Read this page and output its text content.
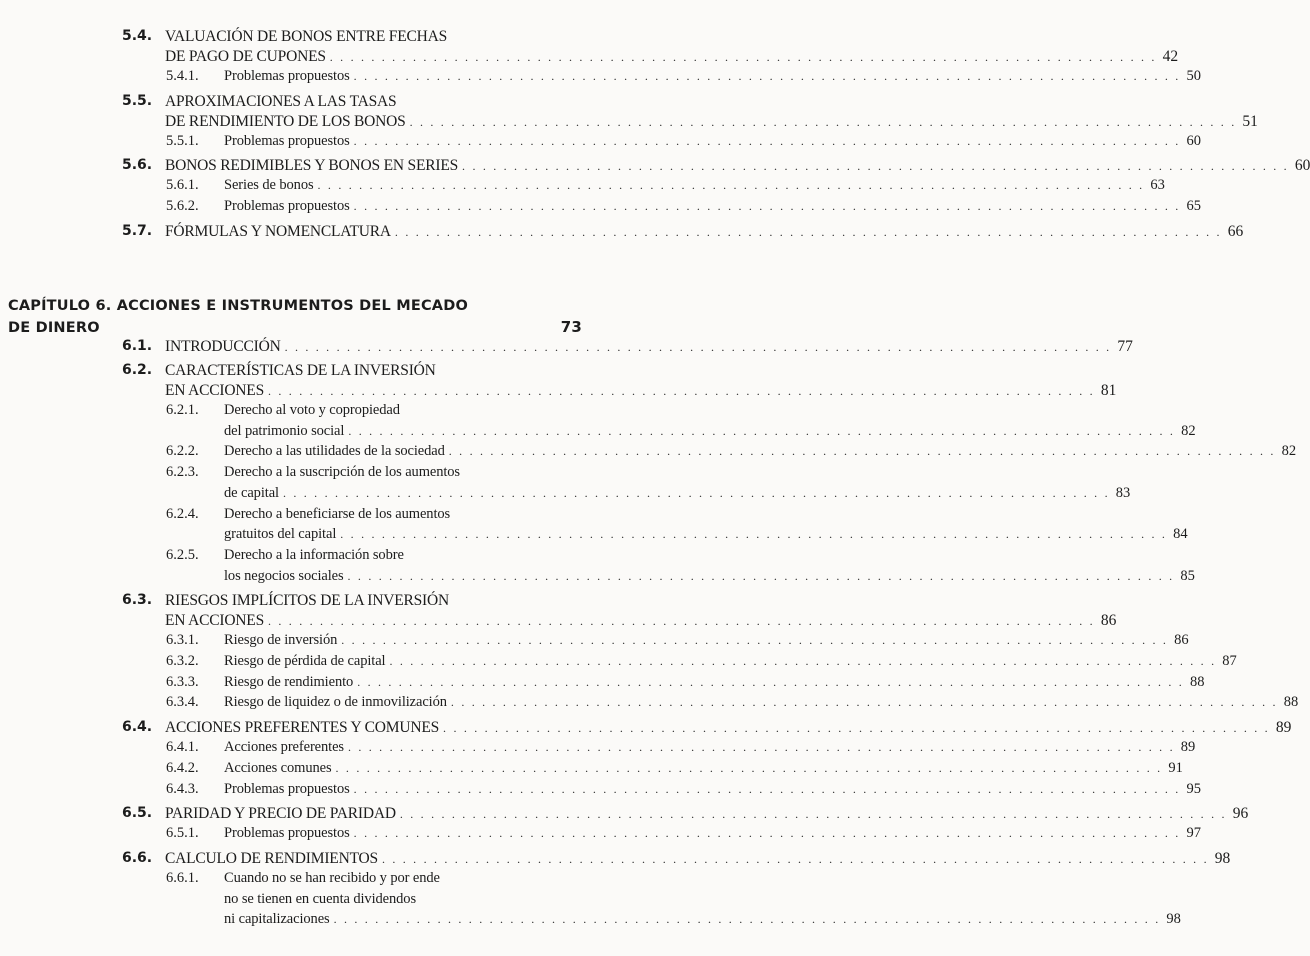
5.4. VALUACIÓN DE BONOS ENTRE FECHAS
DE PAGO DE CUPONES . . . . . . . . . . . . . . . . . . . . . . . . . . . . . . . . . . . . . . . . . . . . . . . . . . . . . . . . . . . . . . . . . . . . . . . . . . . . . . . . 42
5.4.1. Problemas propuestos . . . . . . . . . . . . . . . . . . . . . . . . . . . . . . . . . . . . . . . . . . . . . . . . . . . . . . . . . . . . . . . . . . . . . . . . . . . . . . . . 50
5.5. APROXIMACIONES A LAS TASAS
DE RENDIMIENTO DE LOS BONOS . . . . . . . . . . . . . . . . . . . . . . . . . . . . . . . . . . . . . . . . . . . . . . . . . . . . . . . . . . . . . . . . . . . . . . . . . . . . . . . . 51
5.5.1. Problemas propuestos . . . . . . . . . . . . . . . . . . . . . . . . . . . . . . . . . . . . . . . . . . . . . . . . . . . . . . . . . . . . . . . . . . . . . . . . . . . . . . . . 60
5.6. BONOS REDIMIBLES Y BONOS EN SERIES . . . . . . . . . . . . . . . . . . . . . . . . . . . . . . . . . . . . . . . . . . . . . . . . . . . . . . . . . . . . . . . . . . . . . . . . . . . . . . . . 60
5.6.1. Series de bonos . . . . . . . . . . . . . . . . . . . . . . . . . . . . . . . . . . . . . . . . . . . . . . . . . . . . . . . . . . . . . . . . . . . . . . . . . . . . . . . . 63
5.6.2. Problemas propuestos . . . . . . . . . . . . . . . . . . . . . . . . . . . . . . . . . . . . . . . . . . . . . . . . . . . . . . . . . . . . . . . . . . . . . . . . . . . . . . . . 65
5.7. FÓRMULAS Y NOMENCLATURA . . . . . . . . . . . . . . . . . . . . . . . . . . . . . . . . . . . . . . . . . . . . . . . . . . . . . . . . . . . . . . . . . . . . . . . . . . . . . . . . 66
CAPÍTULO 6. ACCIONES E INSTRUMENTOS DEL MECADO
DE DINERO	73
6.1. INTRODUCCIÓN . . . . . . . . . . . . . . . . . . . . . . . . . . . . . . . . . . . . . . . . . . . . . . . . . . . . . . . . . . . . . . . . . . . . . . . . . . . . . . . . 77
6.2. CARACTERÍSTICAS DE LA INVERSIÓN
EN ACCIONES . . . . . . . . . . . . . . . . . . . . . . . . . . . . . . . . . . . . . . . . . . . . . . . . . . . . . . . . . . . . . . . . . . . . . . . . . . . . . . . . 81
6.2.1. Derecho al voto y copropiedad
del patrimonio social . . . . . . . . . . . . . . . . . . . . . . . . . . . . . . . . . . . . . . . . . . . . . . . . . . . . . . . . . . . . . . . . . . . . . . . . . . . . . . . . 82
6.2.2. Derecho a las utilidades de la sociedad . . . . . . . . . . . . . . . . . . . . . . . . . . . . . . . . . . . . . . . . . . . . . . . . . . . . . . . . . . . . . . . . . . . . . . . . . . . . . . . . 82
6.2.3. Derecho a la suscripción de los aumentos
de capital . . . . . . . . . . . . . . . . . . . . . . . . . . . . . . . . . . . . . . . . . . . . . . . . . . . . . . . . . . . . . . . . . . . . . . . . . . . . . . . . 83
6.2.4. Derecho a beneficiarse de los aumentos
gratuitos del capital . . . . . . . . . . . . . . . . . . . . . . . . . . . . . . . . . . . . . . . . . . . . . . . . . . . . . . . . . . . . . . . . . . . . . . . . . . . . . . . . 84
6.2.5. Derecho a la información sobre
los negocios sociales . . . . . . . . . . . . . . . . . . . . . . . . . . . . . . . . . . . . . . . . . . . . . . . . . . . . . . . . . . . . . . . . . . . . . . . . . . . . . . . . 85
6.3. RIESGOS IMPLÍCITOS DE LA INVERSIÓN
EN ACCIONES . . . . . . . . . . . . . . . . . . . . . . . . . . . . . . . . . . . . . . . . . . . . . . . . . . . . . . . . . . . . . . . . . . . . . . . . . . . . . . . . 86
6.3.1. Riesgo de inversión . . . . . . . . . . . . . . . . . . . . . . . . . . . . . . . . . . . . . . . . . . . . . . . . . . . . . . . . . . . . . . . . . . . . . . . . . . . . . . . . 86
6.3.2. Riesgo de pérdida de capital . . . . . . . . . . . . . . . . . . . . . . . . . . . . . . . . . . . . . . . . . . . . . . . . . . . . . . . . . . . . . . . . . . . . . . . . . . . . . . . . 87
6.3.3. Riesgo de rendimiento . . . . . . . . . . . . . . . . . . . . . . . . . . . . . . . . . . . . . . . . . . . . . . . . . . . . . . . . . . . . . . . . . . . . . . . . . . . . . . . . 88
6.3.4. Riesgo de liquidez o de inmovilización . . . . . . . . . . . . . . . . . . . . . . . . . . . . . . . . . . . . . . . . . . . . . . . . . . . . . . . . . . . . . . . . . . . . . . . . . . . . . . . . 88
6.4. ACCIONES PREFERENTES Y COMUNES . . . . . . . . . . . . . . . . . . . . . . . . . . . . . . . . . . . . . . . . . . . . . . . . . . . . . . . . . . . . . . . . . . . . . . . . . . . . . . . . 89
6.4.1. Acciones preferentes . . . . . . . . . . . . . . . . . . . . . . . . . . . . . . . . . . . . . . . . . . . . . . . . . . . . . . . . . . . . . . . . . . . . . . . . . . . . . . . . 89
6.4.2. Acciones comunes . . . . . . . . . . . . . . . . . . . . . . . . . . . . . . . . . . . . . . . . . . . . . . . . . . . . . . . . . . . . . . . . . . . . . . . . . . . . . . . . 91
6.4.3. Problemas propuestos . . . . . . . . . . . . . . . . . . . . . . . . . . . . . . . . . . . . . . . . . . . . . . . . . . . . . . . . . . . . . . . . . . . . . . . . . . . . . . . . 95
6.5. PARIDAD Y PRECIO DE PARIDAD . . . . . . . . . . . . . . . . . . . . . . . . . . . . . . . . . . . . . . . . . . . . . . . . . . . . . . . . . . . . . . . . . . . . . . . . . . . . . . . . 96
6.5.1. Problemas propuestos . . . . . . . . . . . . . . . . . . . . . . . . . . . . . . . . . . . . . . . . . . . . . . . . . . . . . . . . . . . . . . . . . . . . . . . . . . . . . . . . 97
6.6. CALCULO DE RENDIMIENTOS . . . . . . . . . . . . . . . . . . . . . . . . . . . . . . . . . . . . . . . . . . . . . . . . . . . . . . . . . . . . . . . . . . . . . . . . . . . . . . . . 98
6.6.1. Cuando no se han recibido y por ende
no se tienen en cuenta dividendos
ni capitalizaciones . . . . . . . . . . . . . . . . . . . . . . . . . . . . . . . . . . . . . . . . . . . . . . . . . . . . . . . . . . . . . . . . . . . . . . . . . . . . . . . . 98
